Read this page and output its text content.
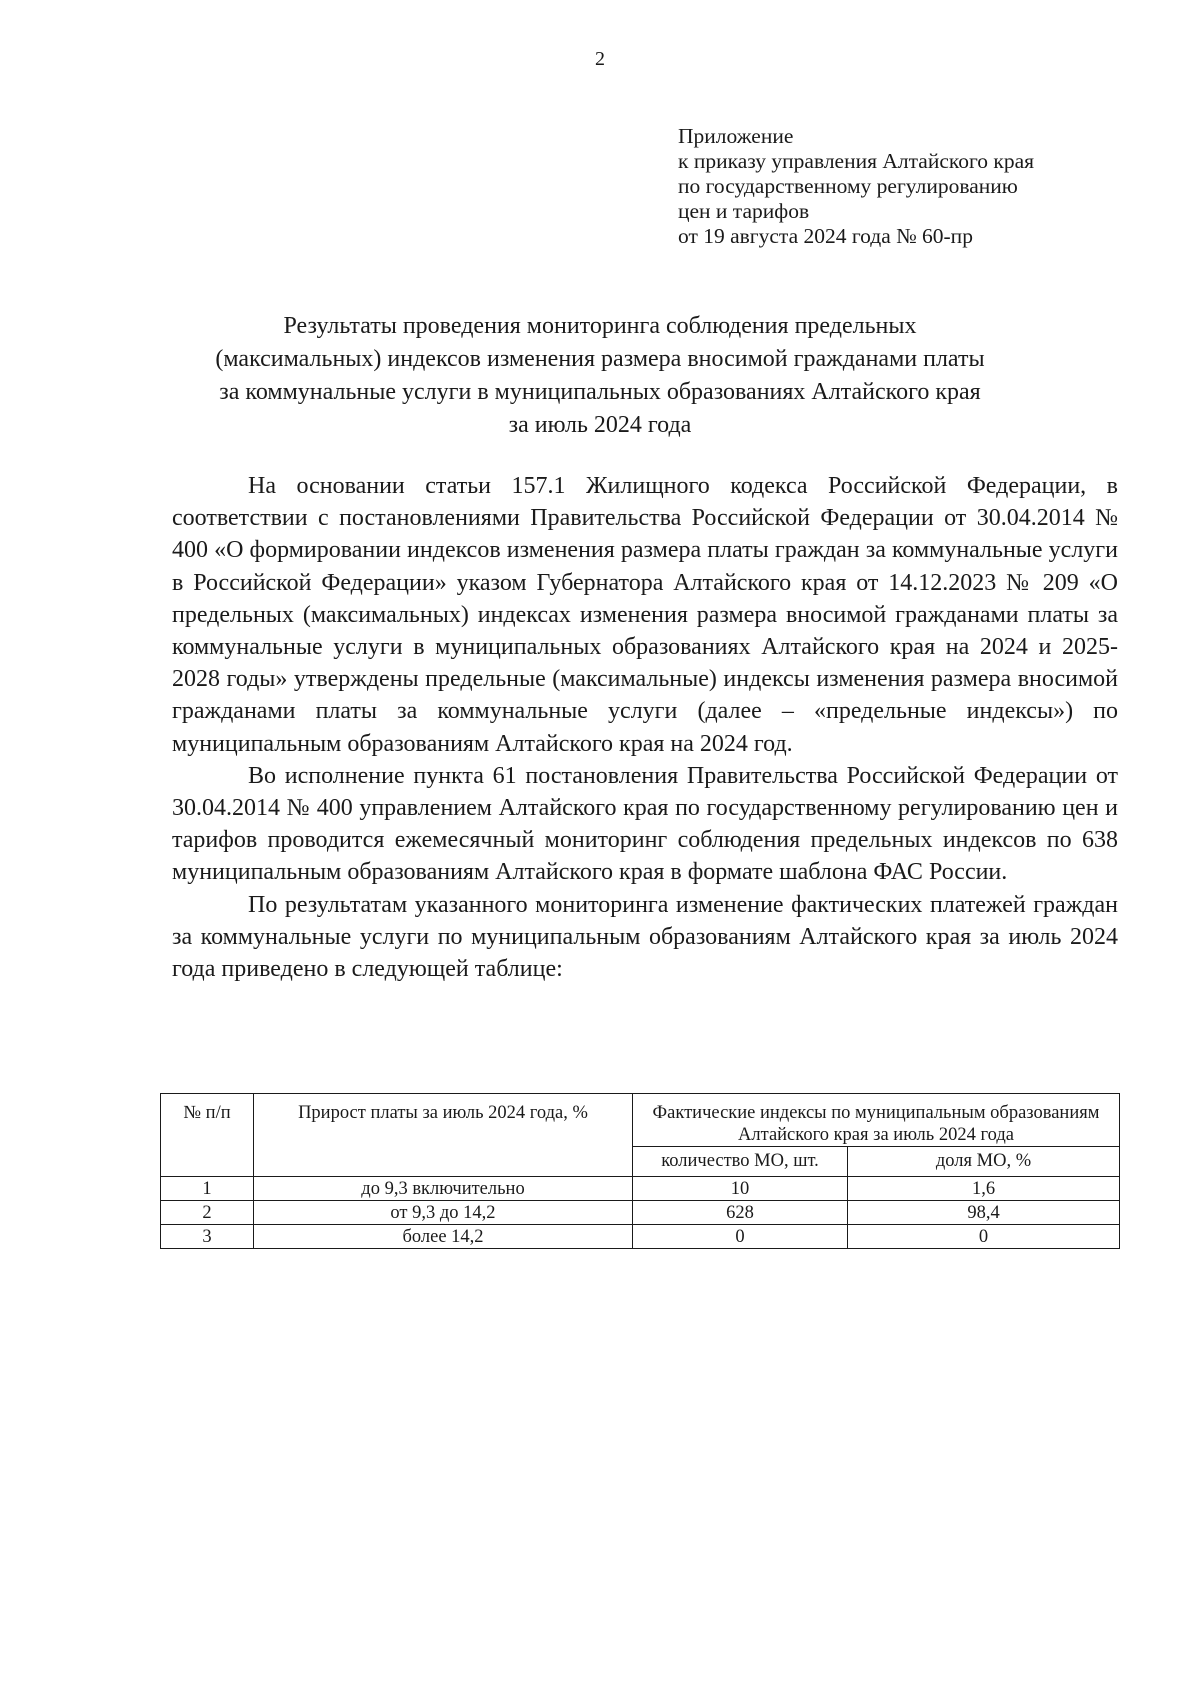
2
Приложение
к приказу управления Алтайского края
по государственному регулированию
цен и тарифов
от 19 августа 2024 года № 60-пр
Результаты проведения мониторинга соблюдения предельных
(максимальных) индексов изменения размера вносимой гражданами платы
за коммунальные услуги в муниципальных образованиях Алтайского края
за июль 2024 года

На основании статьи 157.1 Жилищного кодекса Российской Федерации, в соответствии с постановлениями Правительства Российской Федерации от 30.04.2014 № 400 «О формировании индексов изменения размера платы граждан за коммунальные услуги в Российской Федерации» указом Губернатора Алтайского края от 14.12.2023 № 209 «О предельных (максимальных) индексах изменения размера вносимой гражданами платы за коммунальные услуги в муниципальных образованиях Алтайского края на 2024 и 2025-2028 годы» утверждены предельные (максимальные) индексы изменения размера вносимой гражданами платы за коммунальные услуги (далее – «предельные индексы») по муниципальным образованиям Алтайского края на 2024 год.

Во исполнение пункта 61 постановления Правительства Российской Федерации от 30.04.2014 № 400 управлением Алтайского края по государственному регулированию цен и тарифов проводится ежемесячный мониторинг соблюдения предельных индексов по 638 муниципальным образованиям Алтайского края в формате шаблона ФАС России.

По результатам указанного мониторинга изменение фактических платежей граждан за коммунальные услуги по муниципальным образованиям Алтайского края за июль 2024 года приведено в следующей таблице:

№ п/п	Прирост платы за июль 2024 года, %	Фактические индексы по муниципальным образованиям Алтайского края за июль 2024 года	
		количество МО, шт.	доля МО, %
1	до 9,3 включительно	10	1,6
2	от 9,3 до 14,2	628	98,4
3	более 14,2	0	0
